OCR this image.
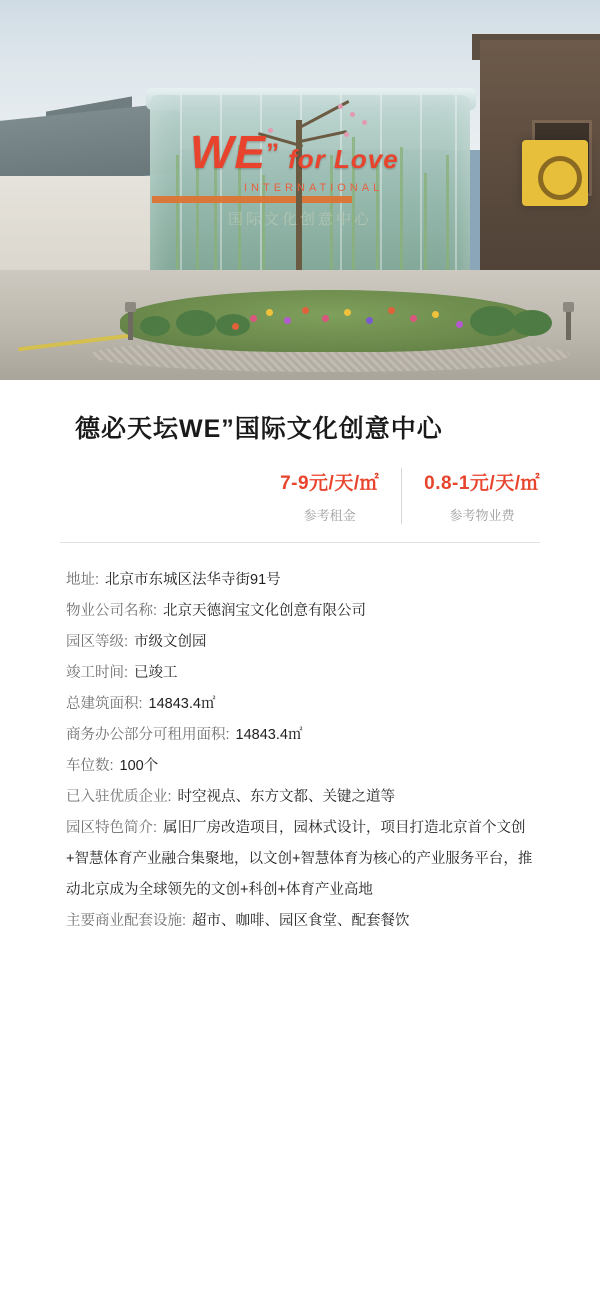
WE” for Love
INTERNATIONAL
国际文化创意中心
德必天坛WE”国际文化创意中心
7-9元/天/㎡
参考租金
0.8-1元/天/㎡
参考物业费
地址: 北京市东城区法华寺街91号
物业公司名称: 北京天德润宝文化创意有限公司
园区等级: 市级文创园
竣工时间: 已竣工
总建筑面积: 14843.4㎡
商务办公部分可租用面积: 14843.4㎡
车位数: 100个
已入驻优质企业: 时空视点、东方文都、关键之道等
园区特色简介: 属旧厂房改造项目，园林式设计，项目打造北京首个文创+智慧体育产业融合集聚地，以文创+智慧体育为核心的产业服务平台，推动北京成为全球领先的文创+科创+体育产业高地
主要商业配套设施: 超市、咖啡、园区食堂、配套餐饮
